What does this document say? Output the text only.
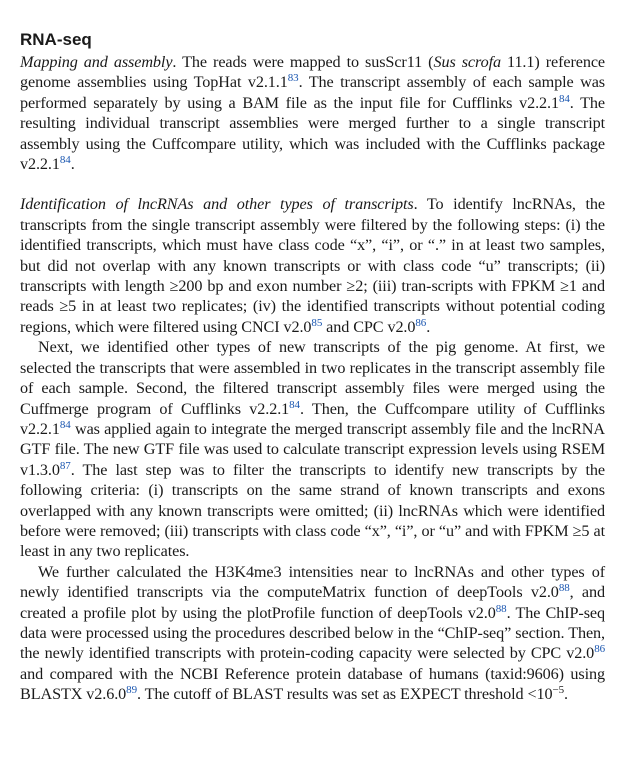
RNA-seq

Mapping and assembly. The reads were mapped to susScr11 (Sus scrofa 11.1) reference genome assemblies using TopHat v2.1.1$^{83}$. The transcript assembly of each sample was performed separately by using a BAM file as the input file for Cufflinks v2.2.1$^{84}$. The resulting individual transcript assemblies were merged further to a single transcript assembly using the Cuffcompare utility, which was included with the Cufflinks package v2.2.1$^{84}$.

Identification of lncRNAs and other types of transcripts. To identify lncRNAs, the transcripts from the single transcript assembly were filtered by the following steps: (i) the identified transcripts, which must have class code “x”, “i”, or “.” in at least two samples, but did not overlap with any known transcripts or with class code “u” transcripts; (ii) transcripts with length ≥200 bp and exon number ≥2; (iii) tran-scripts with FPKM ≥1 and reads ≥5 in at least two replicates; (iv) the identified transcripts without potential coding regions, which were filtered using CNCI v2.0$^{85}$ and CPC v2.0$^{86}$.

Next, we identified other types of new transcripts of the pig genome. At first, we selected the transcripts that were assembled in two replicates in the transcript assembly file of each sample. Second, the filtered transcript assembly files were merged using the Cuffmerge program of Cufflinks v2.2.1$^{84}$. Then, the Cuffcompare utility of Cufflinks v2.2.1$^{84}$ was applied again to integrate the merged transcript assembly file and the lncRNA GTF file. The new GTF file was used to calculate transcript expression levels using RSEM v1.3.0$^{87}$. The last step was to filter the transcripts to identify new transcripts by the following criteria: (i) transcripts on the same strand of known transcripts and exons overlapped with any known transcripts were omitted; (ii) lncRNAs which were identified before were removed; (iii) transcripts with class code “x”, “i”, or “u” and with FPKM ≥5 at least in any two replicates.

We further calculated the H3K4me3 intensities near to lncRNAs and other types of newly identified transcripts via the computeMatrix function of deepTools v2.0$^{88}$, and created a profile plot by using the plotProfile function of deepTools v2.0$^{88}$. The ChIP-seq data were processed using the procedures described below in the “ChIP-seq” section. Then, the newly identified transcripts with protein-coding capacity were selected by CPC v2.0$^{86}$ and compared with the NCBI Reference protein database of humans (taxid:9606) using BLASTX v2.6.0$^{89}$. The cutoff of BLAST results was set as EXPECT threshold $<10^{-5}$.
